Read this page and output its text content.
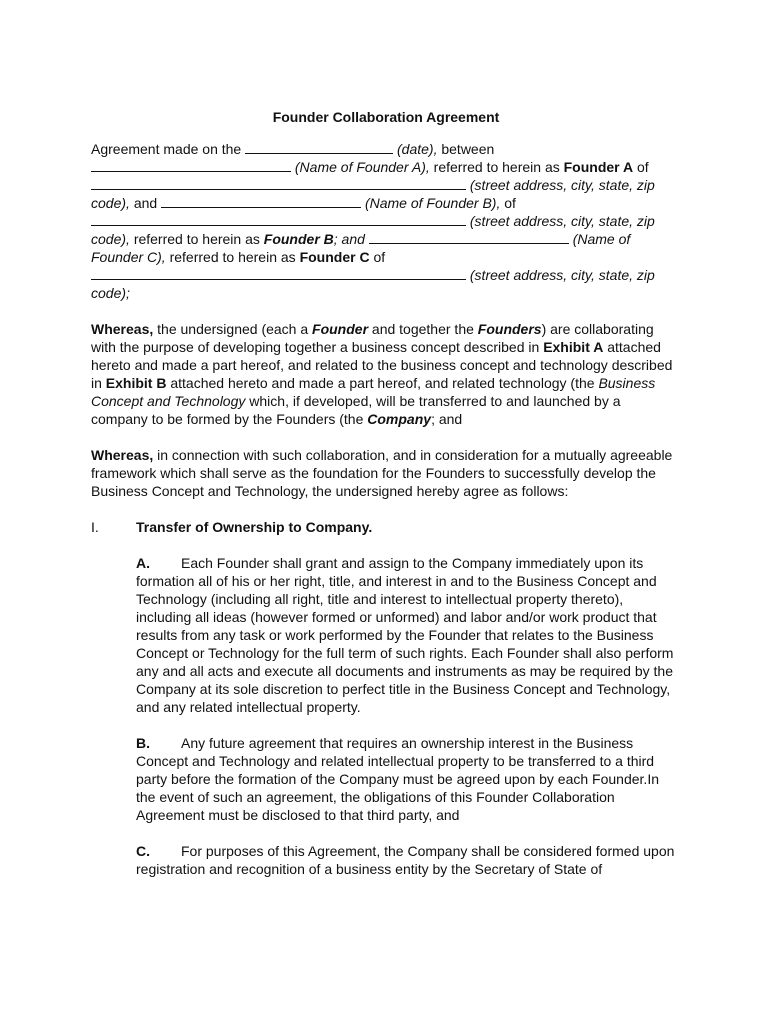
Founder Collaboration Agreement

Agreement made on the	(date), between
(Name of Founder A), referred to herein as Founder A of
(street address, city, state, zip code), and	(Name of Founder B), of
(street address, city, state, zip code), referred to herein as Founder B; and	(Name of Founder C), referred to herein as Founder C of
(street address, city, state, zip code);

Whereas, the undersigned (each a Founder and together the Founders) are collaborating with the purpose of developing together a business concept described in Exhibit A attached hereto and made a part hereof, and related to the business concept and technology described in Exhibit B attached hereto and made a part hereof, and related technology (the Business Concept and Technology which, if developed, will be transferred to and launched by a company to be formed by the Founders (the Company; and

Whereas, in connection with such collaboration, and in consideration for a mutually agreeable framework which shall serve as the foundation for the Founders to successfully develop the Business Concept and Technology, the undersigned hereby agree as follows:

I.	Transfer of Ownership to Company.
A. Each Founder shall grant and assign to the Company immediately upon its formation all of his or her right, title, and interest in and to the Business Concept and Technology (including all right, title and interest to intellectual property thereto), including all ideas (however formed or unformed) and labor and/or work product that results from any task or work performed by the Founder that relates to the Business Concept or Technology for the full term of such rights. Each Founder shall also perform any and all acts and execute all documents and instruments as may be required by the Company at its sole discretion to perfect title in the Business Concept and Technology, and any related intellectual property.
B. Any future agreement that requires an ownership interest in the Business Concept and Technology and related intellectual property to be transferred to a third party before the formation of the Company must be agreed upon by each Founder.In the event of such an agreement, the obligations of this Founder Collaboration Agreement must be disclosed to that third party, and
C. For purposes of this Agreement, the Company shall be considered formed upon registration and recognition of a business entity by the Secretary of State of
